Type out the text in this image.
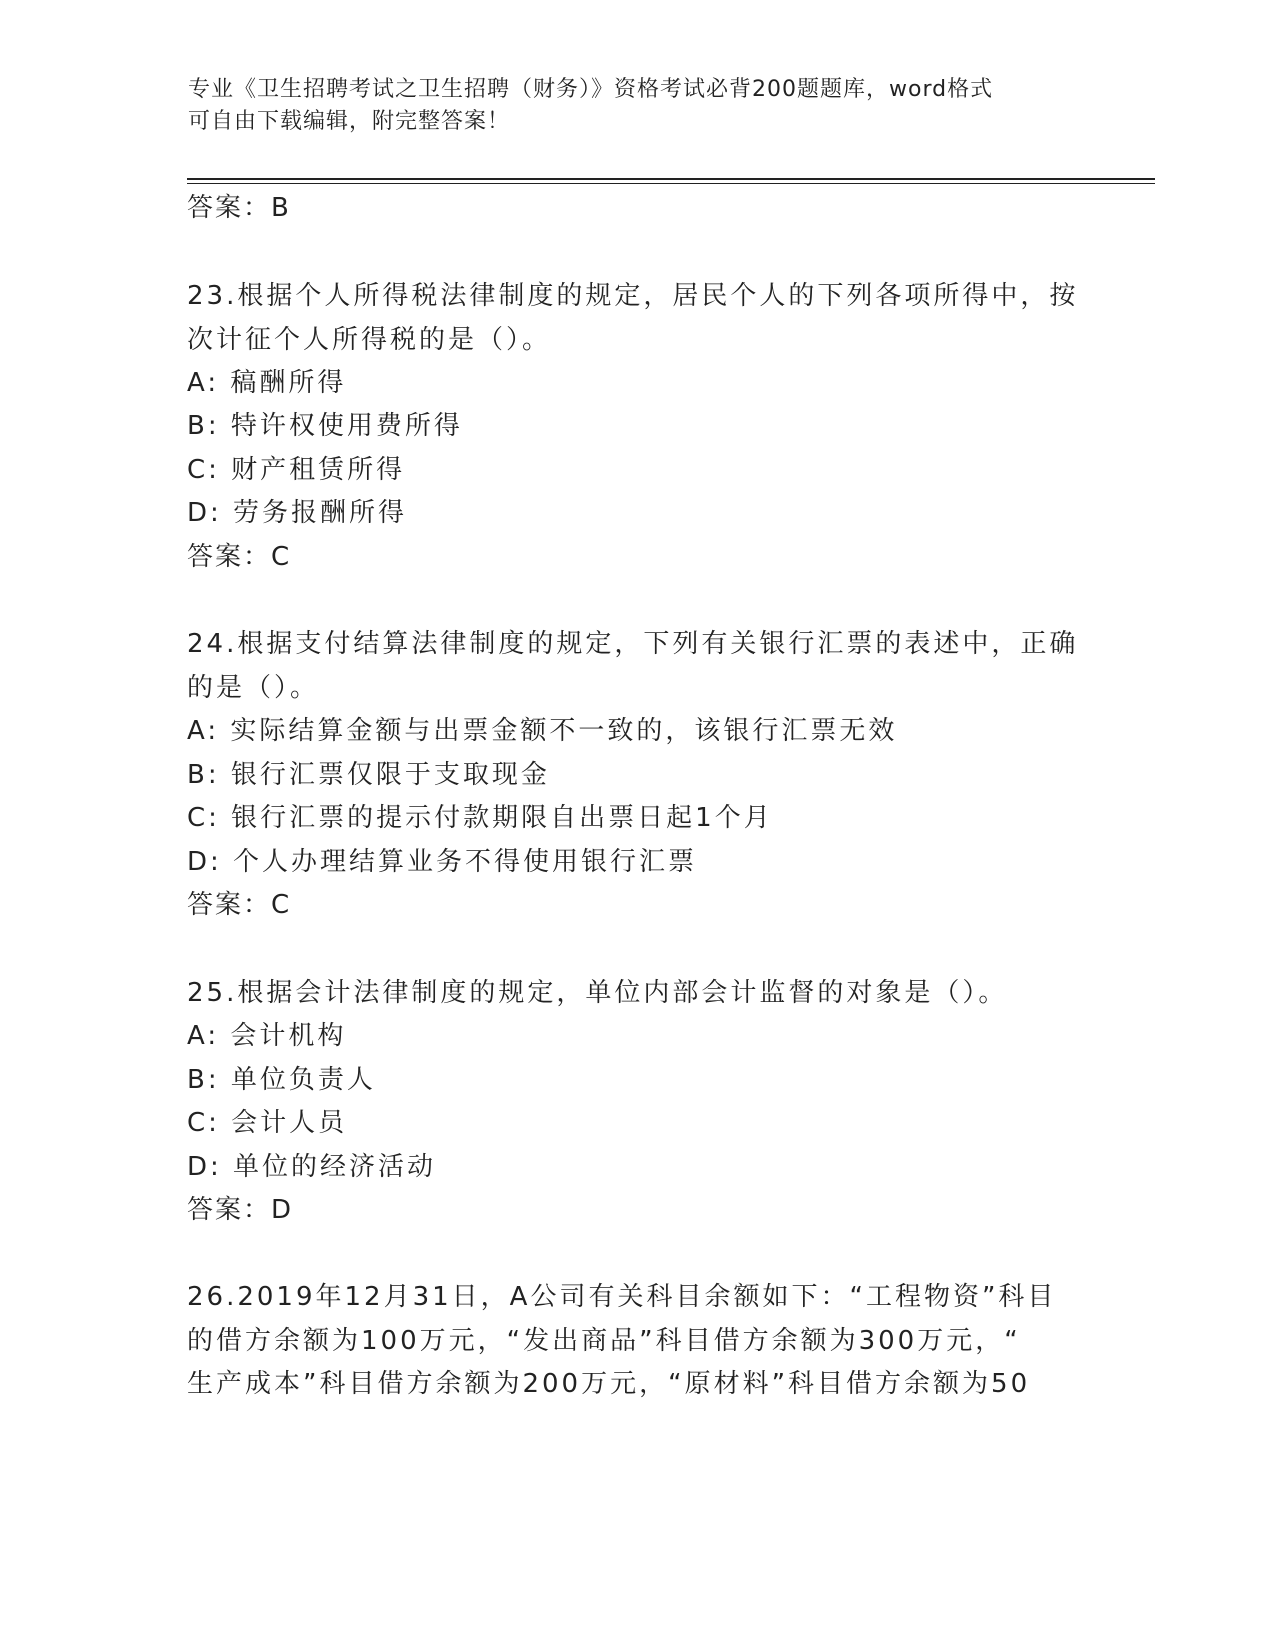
专业《卫生招聘考试之卫生招聘（财务）》资格考试必背200题题库，word格式
可自由下载编辑，附完整答案！
答案：B
23.根据个人所得税法律制度的规定，居民个人的下列各项所得中，按
次计征个人所得税的是（）。
A: 稿酬所得
B: 特许权使用费所得
C: 财产租赁所得
D: 劳务报酬所得
答案：C
24.根据支付结算法律制度的规定，下列有关银行汇票的表述中，正确
的是（）。
A: 实际结算金额与出票金额不一致的，该银行汇票无效
B: 银行汇票仅限于支取现金
C: 银行汇票的提示付款期限自出票日起1个月
D: 个人办理结算业务不得使用银行汇票
答案：C
25.根据会计法律制度的规定，单位内部会计监督的对象是（）。
A: 会计机构
B: 单位负责人
C: 会计人员
D: 单位的经济活动
答案：D
26.2019年12月31日，A公司有关科目余额如下：“工程物资”科目
的借方余额为100万元，“发出商品”科目借方余额为300万元，“
生产成本”科目借方余额为200万元，“原材料”科目借方余额为50
